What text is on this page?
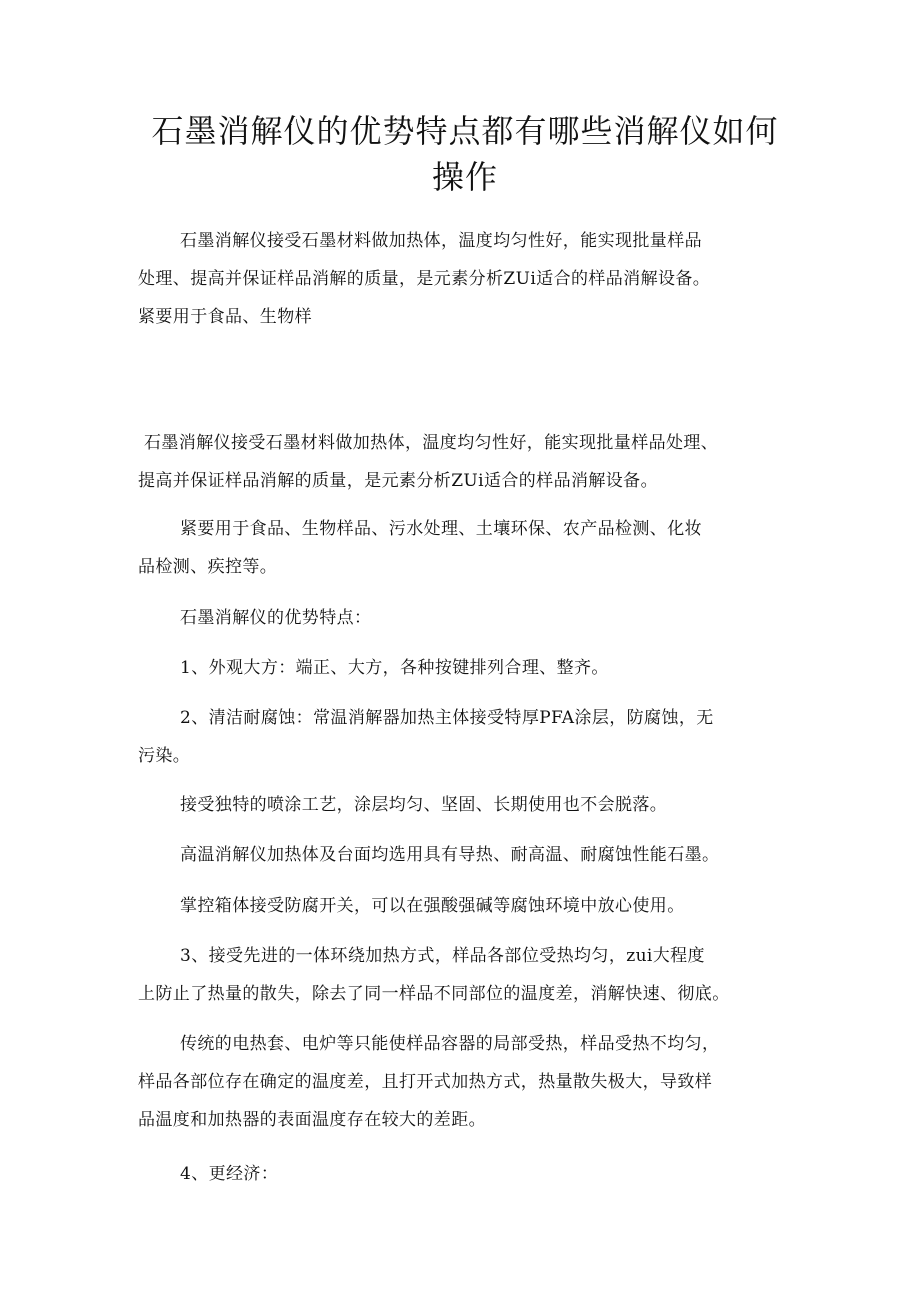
石墨消解仪的优势特点都有哪些消解仪如何
操作

石墨消解仪接受石墨材料做加热体，温度均匀性好，能实现批量样品
处理、提高并保证样品消解的质量，是元素分析ZUi适合的样品消解设备。
紧要用于食品、生物样

石墨消解仪接受石墨材料做加热体，温度均匀性好，能实现批量样品处理、
提高并保证样品消解的质量，是元素分析ZUi适合的样品消解设备。

紧要用于食品、生物样品、污水处理、土壤环保、农产品检测、化妆
品检测、疾控等。

石墨消解仪的优势特点：

1、外观大方：端正、大方，各种按键排列合理、整齐。

2、清洁耐腐蚀：常温消解器加热主体接受特厚PFA涂层，防腐蚀，无
污染。

接受独特的喷涂工艺，涂层均匀、坚固、长期使用也不会脱落。

高温消解仪加热体及台面均选用具有导热、耐高温、耐腐蚀性能石墨。

掌控箱体接受防腐开关，可以在强酸强碱等腐蚀环境中放心使用。

3、接受先进的一体环绕加热方式，样品各部位受热均匀，zui大程度
上防止了热量的散失，除去了同一样品不同部位的温度差，消解快速、彻底。

传统的电热套、电炉等只能使样品容器的局部受热，样品受热不均匀，
样品各部位存在确定的温度差，且打开式加热方式，热量散失极大，导致样
品温度和加热器的表面温度存在较大的差距。

4、更经济：
